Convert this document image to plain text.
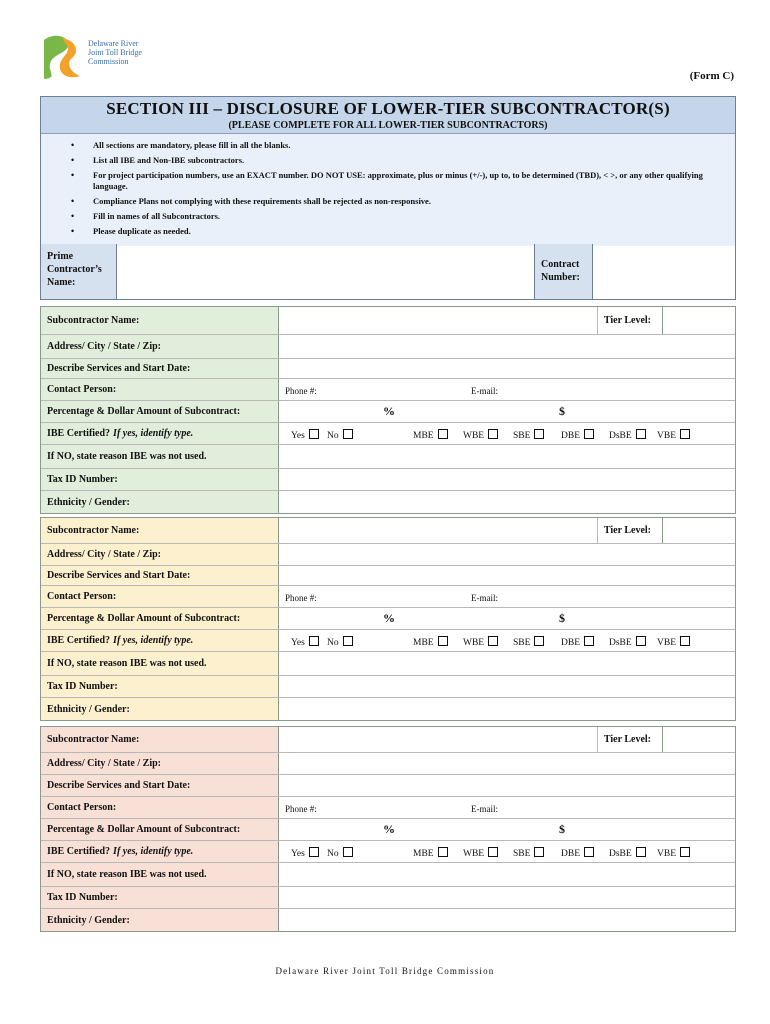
Delaware River
Joint Toll Bridge
Commission
(Form C)
SECTION III – DISCLOSURE OF LOWER-TIER SUBCONTRACTOR(S)
(PLEASE COMPLETE FOR ALL LOWER-TIER SUBCONTRACTORS)
• All sections are mandatory, please fill in all the blanks.
• List all IBE and Non-IBE subcontractors.
• For project participation numbers, use an EXACT number. DO NOT USE: approximate, plus or minus (+/-), up to, to be determined (TBD), < >, or any other qualifying language.
• Compliance Plans not complying with these requirements shall be rejected as non-responsive.
• Fill in names of all Subcontractors.
• Please duplicate as needed.
Prime Contractor’s Name:
Contract Number:
Subcontractor Name:	Tier Level:
Address/ City / State / Zip:
Describe Services and Start Date:
Contact Person:	Phone #:	E-mail:
Percentage & Dollar Amount of Subcontract:	%	$
IBE Certified? If yes, identify type.	Yes	No	MBE	WBE	SBE	DBE	DsBE	VBE
If NO, state reason IBE was not used.
Tax ID Number:
Ethnicity / Gender:
Subcontractor Name:	Tier Level:
Address/ City / State / Zip:
Describe Services and Start Date:
Contact Person:	Phone #:	E-mail:
Percentage & Dollar Amount of Subcontract:	%	$
IBE Certified? If yes, identify type.	Yes	No	MBE	WBE	SBE	DBE	DsBE	VBE
If NO, state reason IBE was not used.
Tax ID Number:
Ethnicity / Gender:
Subcontractor Name:	Tier Level:
Address/ City / State / Zip:
Describe Services and Start Date:
Contact Person:	Phone #:	E-mail:
Percentage & Dollar Amount of Subcontract:	%	$
IBE Certified? If yes, identify type.	Yes	No	MBE	WBE	SBE	DBE	DsBE	VBE
If NO, state reason IBE was not used.
Tax ID Number:
Ethnicity / Gender:
Delaware River Joint Toll Bridge Commission
